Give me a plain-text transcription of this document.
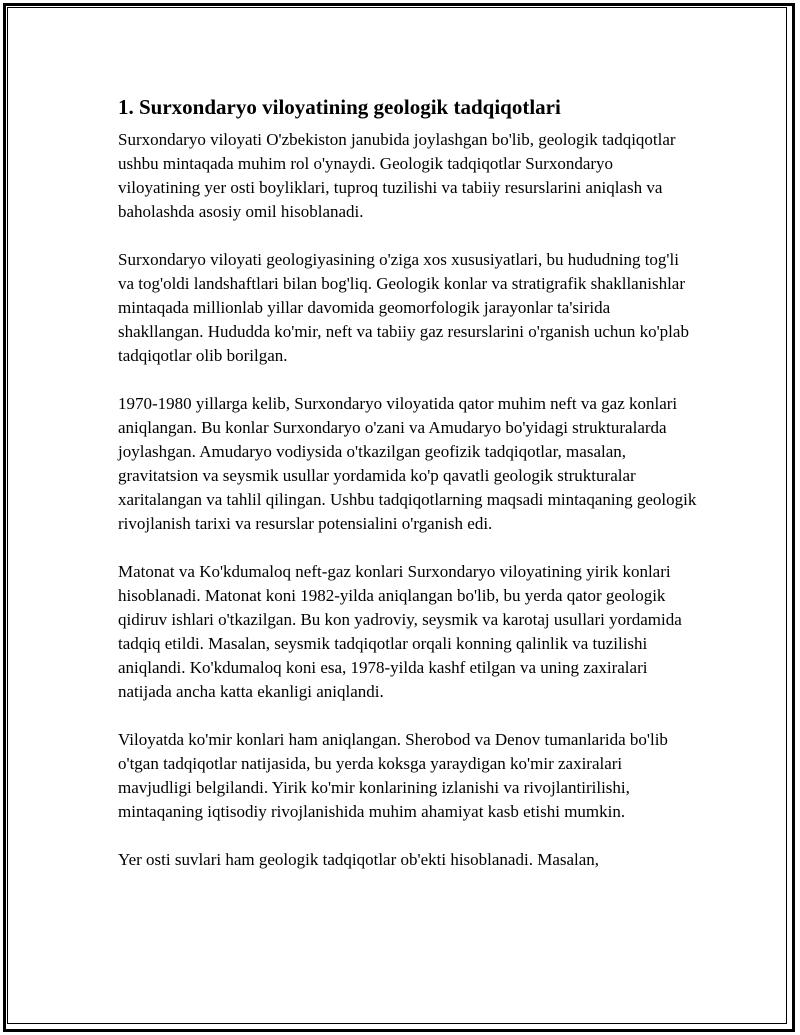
1. Surxondaryo viloyatining geologik tadqiqotlari

Surxondaryo viloyati O'zbekiston janubida joylashgan bo'lib, geologik tadqiqotlar ushbu mintaqada muhim rol o'ynaydi. Geologik tadqiqotlar Surxondaryo viloyatining yer osti boyliklari, tuproq tuzilishi va tabiiy resurslarini aniqlash va baholashda asosiy omil hisoblanadi.

Surxondaryo viloyati geologiyasining o'ziga xos xususiyatlari, bu hududning tog'li va tog'oldi landshaftlari bilan bog'liq. Geologik konlar va stratigrafik shakllanishlar mintaqada millionlab yillar davomida geomorfologik jarayonlar ta'sirida shakllangan. Hududda ko'mir, neft va tabiiy gaz resurslarini o'rganish uchun ko'plab tadqiqotlar olib borilgan.

1970-1980 yillarga kelib, Surxondaryo viloyatida qator muhim neft va gaz konlari aniqlangan. Bu konlar Surxondaryo o'zani va Amudaryo bo'yidagi strukturalarda joylashgan. Amudaryo vodiysida o'tkazilgan geofizik tadqiqotlar, masalan, gravitatsion va seysmik usullar yordamida ko'p qavatli geologik strukturalar xaritalangan va tahlil qilingan. Ushbu tadqiqotlarning maqsadi mintaqaning geologik rivojlanish tarixi va resurslar potensialini o'rganish edi.

Matonat va Ko'kdumaloq neft-gaz konlari Surxondaryo viloyatining yirik konlari hisoblanadi. Matonat koni 1982-yilda aniqlangan bo'lib, bu yerda qator geologik qidiruv ishlari o'tkazilgan. Bu kon yadroviy, seysmik va karotaj usullari yordamida tadqiq etildi. Masalan, seysmik tadqiqotlar orqali konning qalinlik va tuzilishi aniqlandi. Ko'kdumaloq koni esa, 1978-yilda kashf etilgan va uning zaxiralari natijada ancha katta ekanligi aniqlandi.

Viloyatda ko'mir konlari ham aniqlangan. Sherobod va Denov tumanlarida bo'lib o'tgan tadqiqotlar natijasida, bu yerda koksga yaraydigan ko'mir zaxiralari mavjudligi belgilandi. Yirik ko'mir konlarining izlanishi va rivojlantirilishi, mintaqaning iqtisodiy rivojlanishida muhim ahamiyat kasb etishi mumkin.

Yer osti suvlari ham geologik tadqiqotlar ob'ekti hisoblanadi. Masalan,
